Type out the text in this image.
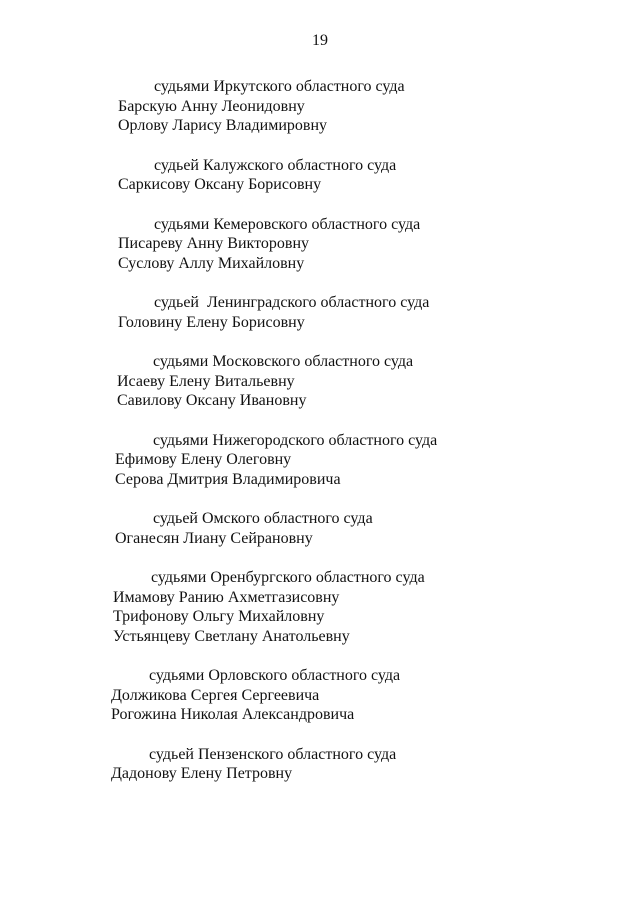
19
судьями Иркутского областного суда
Барскую Анну Леонидовну
Орлову Ларису Владимировну
судьей Калужского областного суда
Саркисову Оксану Борисовну
судьями Кемеровского областного суда
Писареву Анну Викторовну
Суслову Аллу Михайловну
судьей  Ленинградского областного суда
Головину Елену Борисовну
судьями Московского областного суда
Исаеву Елену Витальевну
Савилову Оксану Ивановну
судьями Нижегородского областного суда
Ефимову Елену Олеговну
Серова Дмитрия Владимировича
судьей Омского областного суда
Оганесян Лиану Сейрановну
судьями Оренбургского областного суда
Имамову Ранию Ахметгазисовну
Трифонову Ольгу Михайловну
Устьянцеву Светлану Анатольевну
судьями Орловского областного суда
Должикова Сергея Сергеевича
Рогожина Николая Александровича
судьей Пензенского областного суда
Дадонову Елену Петровну
